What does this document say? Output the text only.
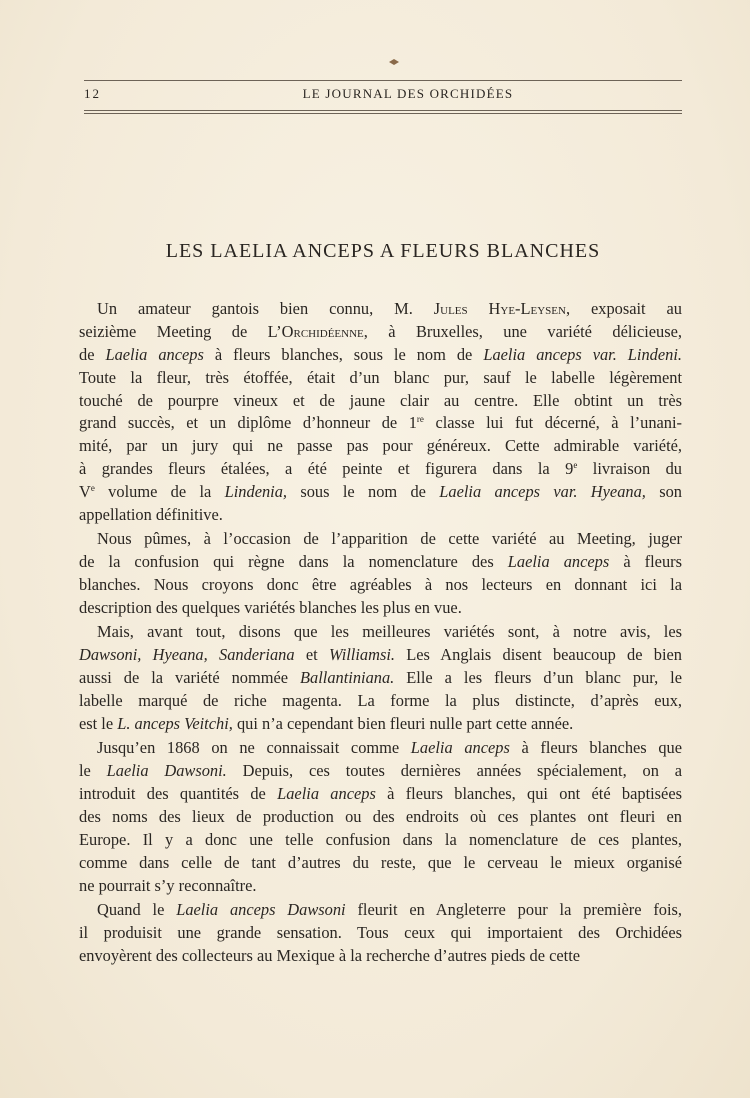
12	LE JOURNAL DES ORCHIDÉES
LES LAELIA ANCEPS A FLEURS BLANCHES
Un amateur gantois bien connu, M. Jules Hye-Leysen, exposait au
seizième Meeting de L’Orchidéenne, à Bruxelles, une variété délicieuse,
de Laelia anceps à fleurs blanches, sous le nom de Laelia anceps var. Lindeni.
Toute la fleur, très étoffée, était d’un blanc pur, sauf le labelle légèrement
touché de pourpre vineux et de jaune clair au centre. Elle obtint un très
grand succès, et un diplôme d’honneur de 1re classe lui fut décerné, à l’unani-
mité, par un jury qui ne passe pas pour généreux. Cette admirable variété,
à grandes fleurs étalées, a été peinte et figurera dans la 9e livraison du
Ve volume de la Lindenia, sous le nom de Laelia anceps var. Hyeana, son
appellation définitive.
Nous pûmes, à l’occasion de l’apparition de cette variété au Meeting, juger
de la confusion qui règne dans la nomenclature des Laelia anceps à fleurs
blanches. Nous croyons donc être agréables à nos lecteurs en donnant ici la
description des quelques variétés blanches les plus en vue.
Mais, avant tout, disons que les meilleures variétés sont, à notre avis, les
Dawsoni, Hyeana, Sanderiana et Williamsi. Les Anglais disent beaucoup de bien
aussi de la variété nommée Ballantiniana. Elle a les fleurs d’un blanc pur, le
labelle marqué de riche magenta. La forme la plus distincte, d’après eux,
est le L. anceps Veitchi, qui n’a cependant bien fleuri nulle part cette année.
Jusqu’en 1868 on ne connaissait comme Laelia anceps à fleurs blanches que
le Laelia Dawsoni. Depuis, ces toutes dernières années spécialement, on a
introduit des quantités de Laelia anceps à fleurs blanches, qui ont été baptisées
des noms des lieux de production ou des endroits où ces plantes ont fleuri en
Europe. Il y a donc une telle confusion dans la nomenclature de ces plantes,
comme dans celle de tant d’autres du reste, que le cerveau le mieux organisé
ne pourrait s’y reconnaître.
Quand le Laelia anceps Dawsoni fleurit en Angleterre pour la première fois,
il produisit une grande sensation. Tous ceux qui importaient des Orchidées
envoyèrent des collecteurs au Mexique à la recherche d’autres pieds de cette
